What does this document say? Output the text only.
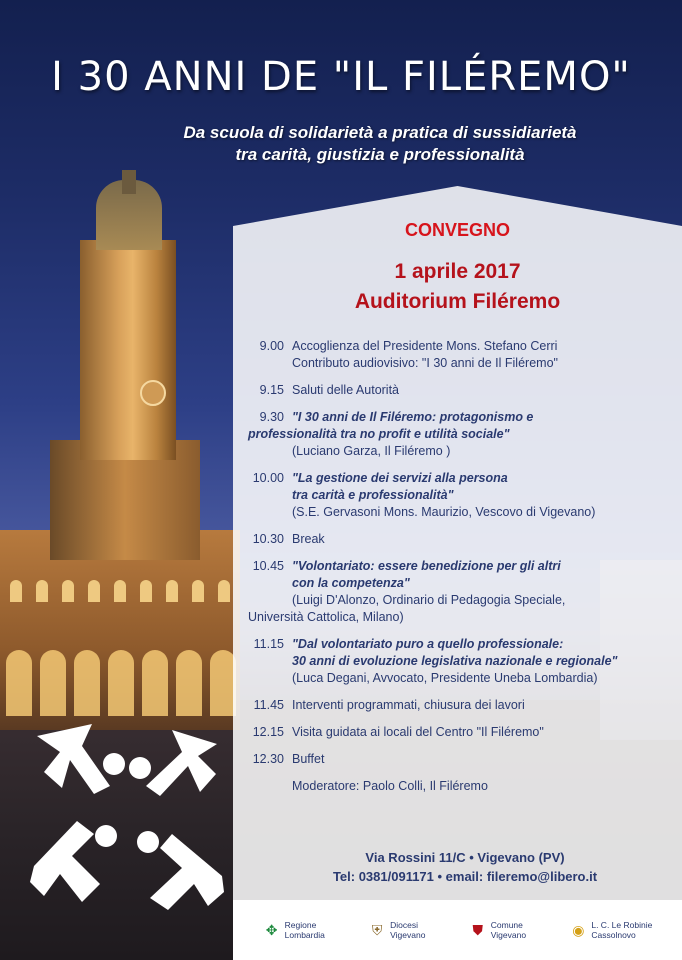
I 30 ANNI DE "IL FILÉREMO"
Da scuola di solidarietà a pratica di sussidiarietà
tra carità, giustizia e professionalità
CONVEGNO
1 aprile 2017
Auditorium Filéremo
9.00 Accoglienza del Presidente Mons. Stefano Cerri
Contributo audiovisivo: "I 30 anni de Il Filéremo"
9.15 Saluti delle Autorità
9.30 "I 30 anni de Il Filéremo: protagonismo e
professionalità tra no profit e utilità sociale"
(Luciano Garza, Il Filéremo )
10.00 "La gestione dei servizi alla persona
tra carità e professionalità"
(S.E. Gervasoni Mons. Maurizio, Vescovo di Vigevano)
10.30 Break
10.45 "Volontariato: essere benedizione per gli altri
con la competenza"
(Luigi D'Alonzo, Ordinario di Pedagogia Speciale,
Università Cattolica, Milano)
11.15 "Dal volontariato puro a quello professionale:
30 anni di evoluzione legislativa nazionale e regionale"
(Luca Degani, Avvocato, Presidente Uneba Lombardia)
11.45 Interventi programmati, chiusura dei lavori
12.15 Visita guidata ai locali del Centro "Il Filéremo"
12.30 Buffet
Moderatore: Paolo Colli, Il Filéremo
Via Rossini 11/C • Vigevano (PV)
Tel: 0381/091171 • email: fileremo@libero.it
✥ Regione
Lombardia	⛨ Diocesi
Vigevano	⛊ Comune
Vigevano	◉ L. C. Le Robinie
Cassolnovo
